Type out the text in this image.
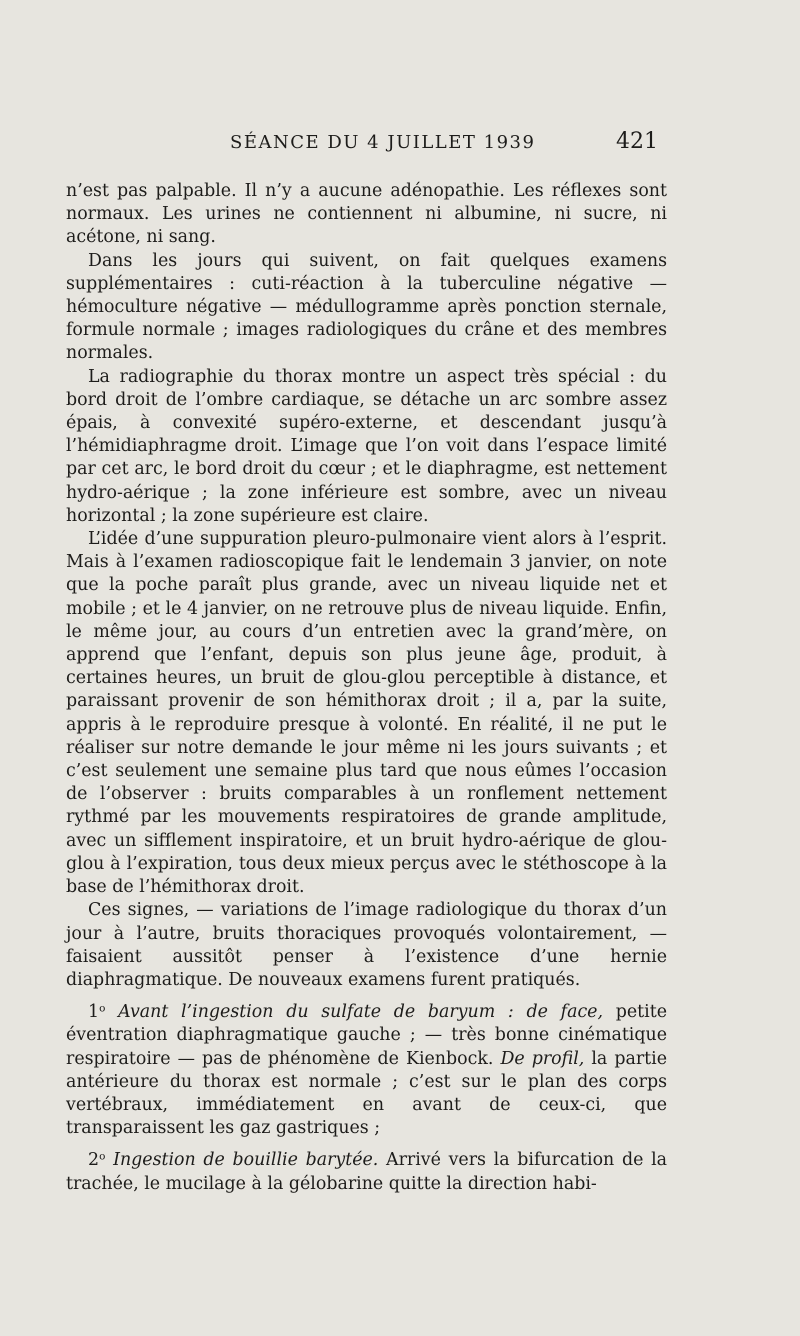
SÉANCE DU 4 JUILLET 1939	421

n’est pas palpable. Il n’y a aucune adénopathie. Les réflexes sont normaux. Les urines ne contiennent ni albumine, ni sucre, ni acétone, ni sang.

Dans les jours qui suivent, on fait quelques examens supplémentaires : cuti-réaction à la tuberculine négative — hémoculture négative — médullogramme après ponction sternale, formule normale ; images radiologiques du crâne et des membres normales.

La radiographie du thorax montre un aspect très spécial : du bord droit de l’ombre cardiaque, se détache un arc sombre assez épais, à convexité supéro-externe, et descendant jusqu’à l’hémidiaphragme droit. L’image que l’on voit dans l’espace limité par cet arc, le bord droit du cœur ; et le diaphragme, est nettement hydro-aérique ; la zone inférieure est sombre, avec un niveau horizontal ; la zone supérieure est claire.

L’idée d’une suppuration pleuro-pulmonaire vient alors à l’esprit. Mais à l’examen radioscopique fait le lendemain 3 janvier, on note que la poche paraît plus grande, avec un niveau liquide net et mobile ; et le 4 janvier, on ne retrouve plus de niveau liquide. Enfin, le même jour, au cours d’un entretien avec la grand’mère, on apprend que l’enfant, depuis son plus jeune âge, produit, à certaines heures, un bruit de glou-glou perceptible à distance, et paraissant provenir de son hémithorax droit ; il a, par la suite, appris à le reproduire presque à volonté. En réalité, il ne put le réaliser sur notre demande le jour même ni les jours suivants ; et c’est seulement une semaine plus tard que nous eûmes l’occasion de l’observer : bruits comparables à un ronflement nettement rythmé par les mouvements respiratoires de grande amplitude, avec un sifflement inspiratoire, et un bruit hydro-aérique de glou-glou à l’expiration, tous deux mieux perçus avec le stéthoscope à la base de l’hémithorax droit.

Ces signes, — variations de l’image radiologique du thorax d’un jour à l’autre, bruits thoraciques provoqués volontairement, — faisaient aussitôt penser à l’existence d’une hernie diaphragmatique. De nouveaux examens furent pratiqués.

1$^o$ Avant l’ingestion du sulfate de baryum : de face, petite éventration diaphragmatique gauche ; — très bonne cinématique respiratoire — pas de phénomène de Kienbock. De profil, la partie antérieure du thorax est normale ; c’est sur le plan des corps vertébraux, immédiatement en avant de ceux-ci, que transparaissent les gaz gastriques ;

2$^o$ Ingestion de bouillie barytée. Arrivé vers la bifurcation de la trachée, le mucilage à la gélobarine quitte la direction habi-
